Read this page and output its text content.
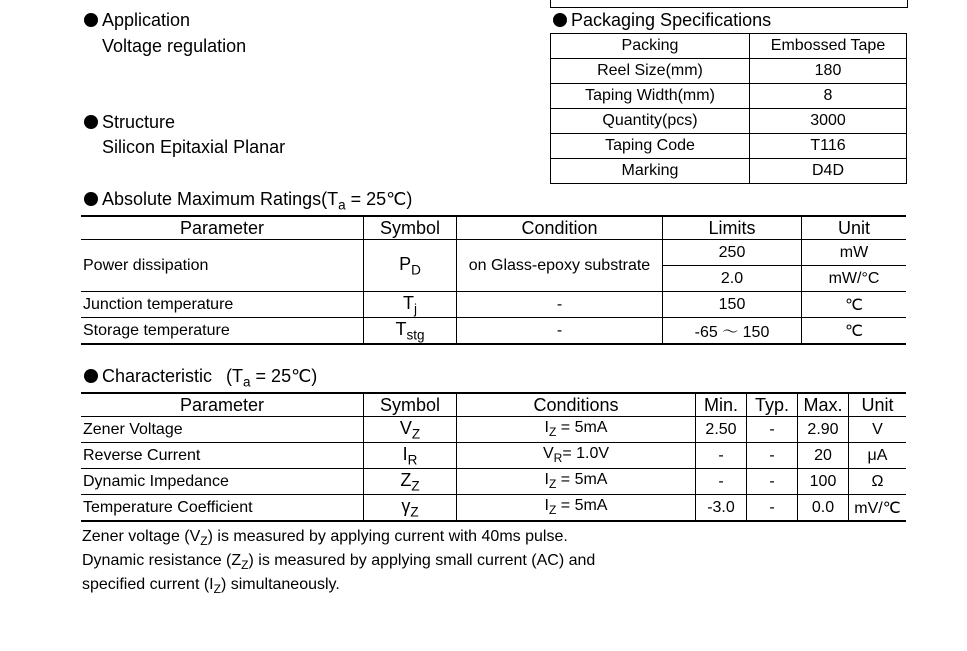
Application
Voltage regulation
Structure
Silicon Epitaxial Planar
Packaging Specifications
Packing	Embossed Tape
Reel Size(mm)	180
Taping Width(mm)	8
Quantity(pcs)	3000
Taping Code	T116
Marking	D4D
Absolute Maximum $Ratings(T_a$ = 25℃)
Parameter	Symbol	Condition	Limits	Unit
Power dissipation	$P_D$	on Glass-epoxy substrate	250	mW
			2.0	mW/°C
Junction temperature	$T_j$	-	150	℃
Storage temperature	$T_{stg}$	-	-65 ～ 150	℃
Characteristic ($T_a$ = 25℃)
Parameter	Symbol	Conditions	Min.	Typ.	Max.	Unit
Zener Voltage	$V_Z$	$I_Z = 5mA$	2.50	-	2.90	V
Reverse Current	$I_R$	$V_R= 1.0V$	-	-	20	μA
Dynamic Impedance	$Z_Z$	$I_Z = 5mA$	-	-	100	Ω
Temperature Coefficient	$\gamma_Z$	$I_Z = 5mA$	-3.0	-	0.0	mV/℃
Zener voltage $(V_Z)$ is measured by applying current with 40ms pulse.
Dynamic resistance $(Z_Z)$ is measured by applying small current (AC) and
specified current $(I_Z)$ simultaneously.
